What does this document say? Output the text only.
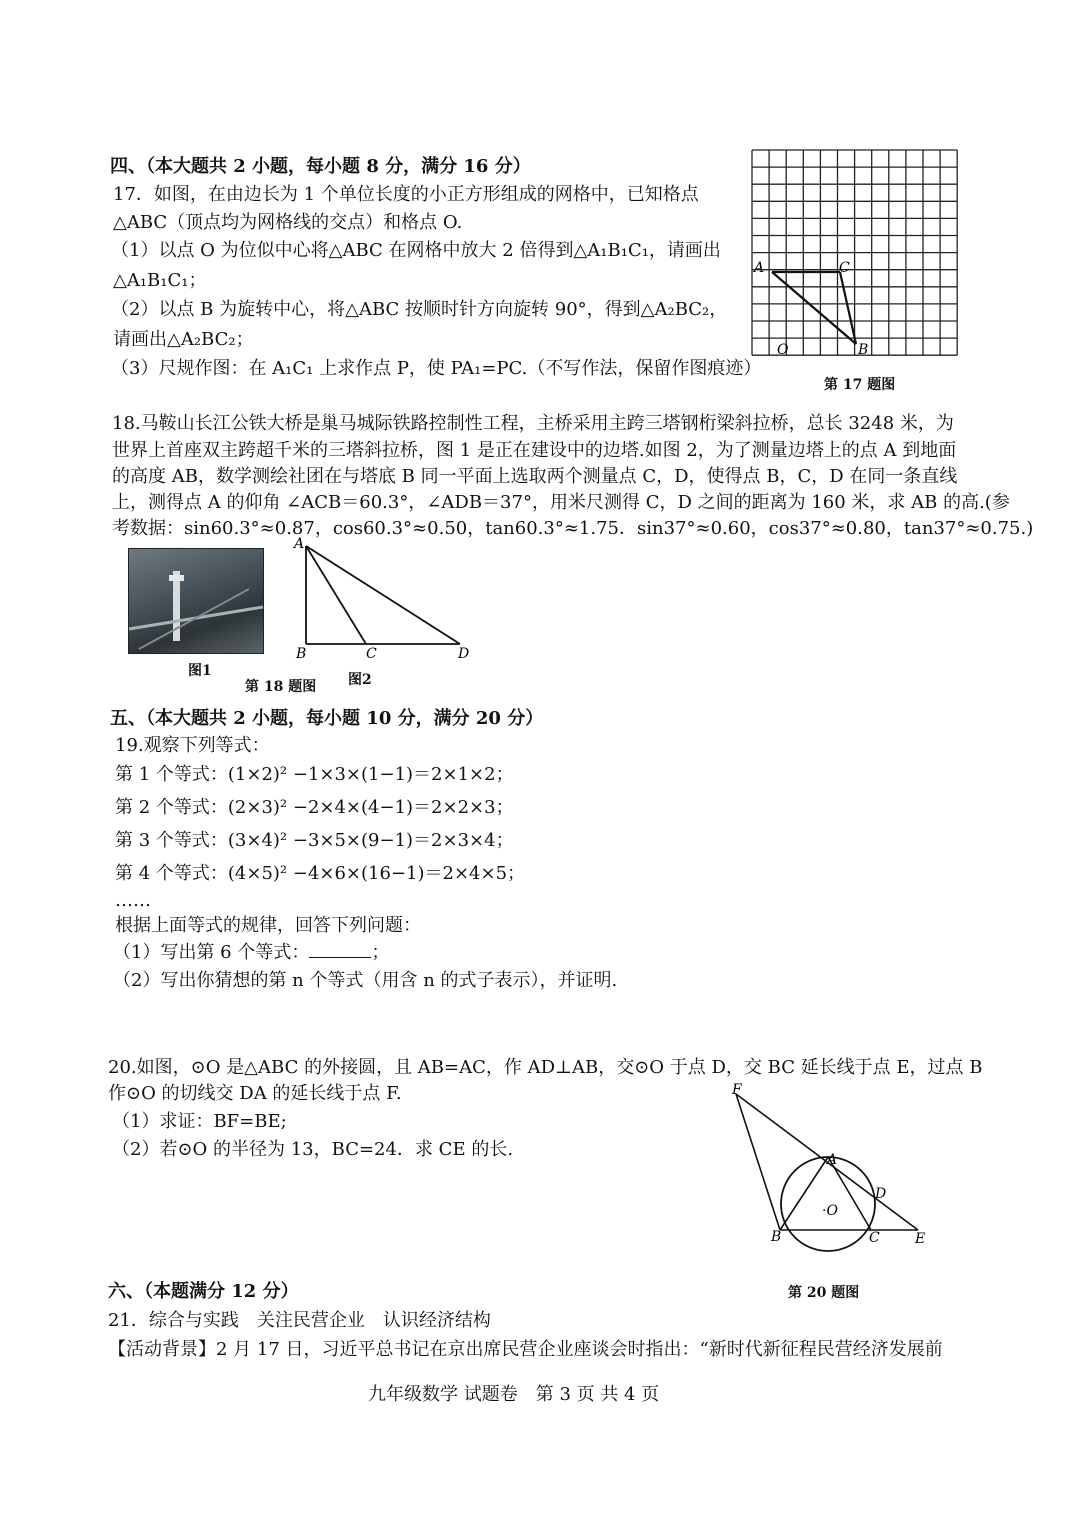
四、（本大题共 2 小题，每小题 8 分，满分 16 分）
17．如图，在由边长为 1 个单位长度的小正方形组成的网格中，已知格点
△ABC（顶点均为网格线的交点）和格点 O.
（1）以点 O 为位似中心将△ABC 在网格中放大 2 倍得到△A₁B₁C₁，请画出
△A₁B₁C₁；
（2）以点 B 为旋转中心，将△ABC 按顺时针方向旋转 90°，得到△A₂BC₂，
请画出△A₂BC₂；
（3）尺规作图：在 A₁C₁ 上求作点 P，使 PA₁=PC.（不写作法，保留作图痕迹）
A	C
O	B
第 17 题图
18.马鞍山长江公铁大桥是巢马城际铁路控制性工程，主桥采用主跨三塔钢桁梁斜拉桥，总长 3248 米，为
世界上首座双主跨超千米的三塔斜拉桥，图 1 是正在建设中的边塔.如图 2，为了测量边塔上的点 A 到地面
的高度 AB，数学测绘社团在与塔底 B 同一平面上选取两个测量点 C，D，使得点 B，C，D 在同一条直线
上，测得点 A 的仰角 ∠ACB＝60.3°，∠ADB＝37°，用米尺测得 C，D 之间的距离为 160 米，求 AB 的高.(参
考数据：sin60.3°≈0.87，cos60.3°≈0.50，tan60.3°≈1.75．sin37°≈0.60，cos37°≈0.80，tan37°≈0.75.)
图1
A
B	C	D
第 18 题图 图2
五、（本大题共 2 小题，每小题 10 分，满分 20 分）
19.观察下列等式：
第 1 个等式：(1×2)² −1×3×(1−1)＝2×1×2；
第 2 个等式：(2×3)² −2×4×(4−1)＝2×2×3；
第 3 个等式：(3×4)² −3×5×(9−1)＝2×3×4；
第 4 个等式：(4×5)² −4×6×(16−1)＝2×4×5；
……
根据上面等式的规律，回答下列问题：
（1）写出第 6 个等式：	；
（2）写出你猜想的第 n 个等式（用含 n 的式子表示），并证明.
20.如图，⊙O 是△ABC 的外接圆，且 AB=AC，作 AD⊥AB，交⊙O 于点 D，交 BC 延长线于点 E，过点 B
作⊙O 的切线交 DA 的延长线于点 F.
（1）求证：BF=BE;
（2）若⊙O 的半径为 13，BC=24．求 CE 的长.
F
A
D
·O
B	C	E
第 20 题图
六、（本题满分 12 分）
21．综合与实践　关注民营企业　认识经济结构
【活动背景】2 月 17 日，习近平总书记在京出席民营企业座谈会时指出：“新时代新征程民营经济发展前
九年级数学 试题卷　第 3 页 共 4 页
